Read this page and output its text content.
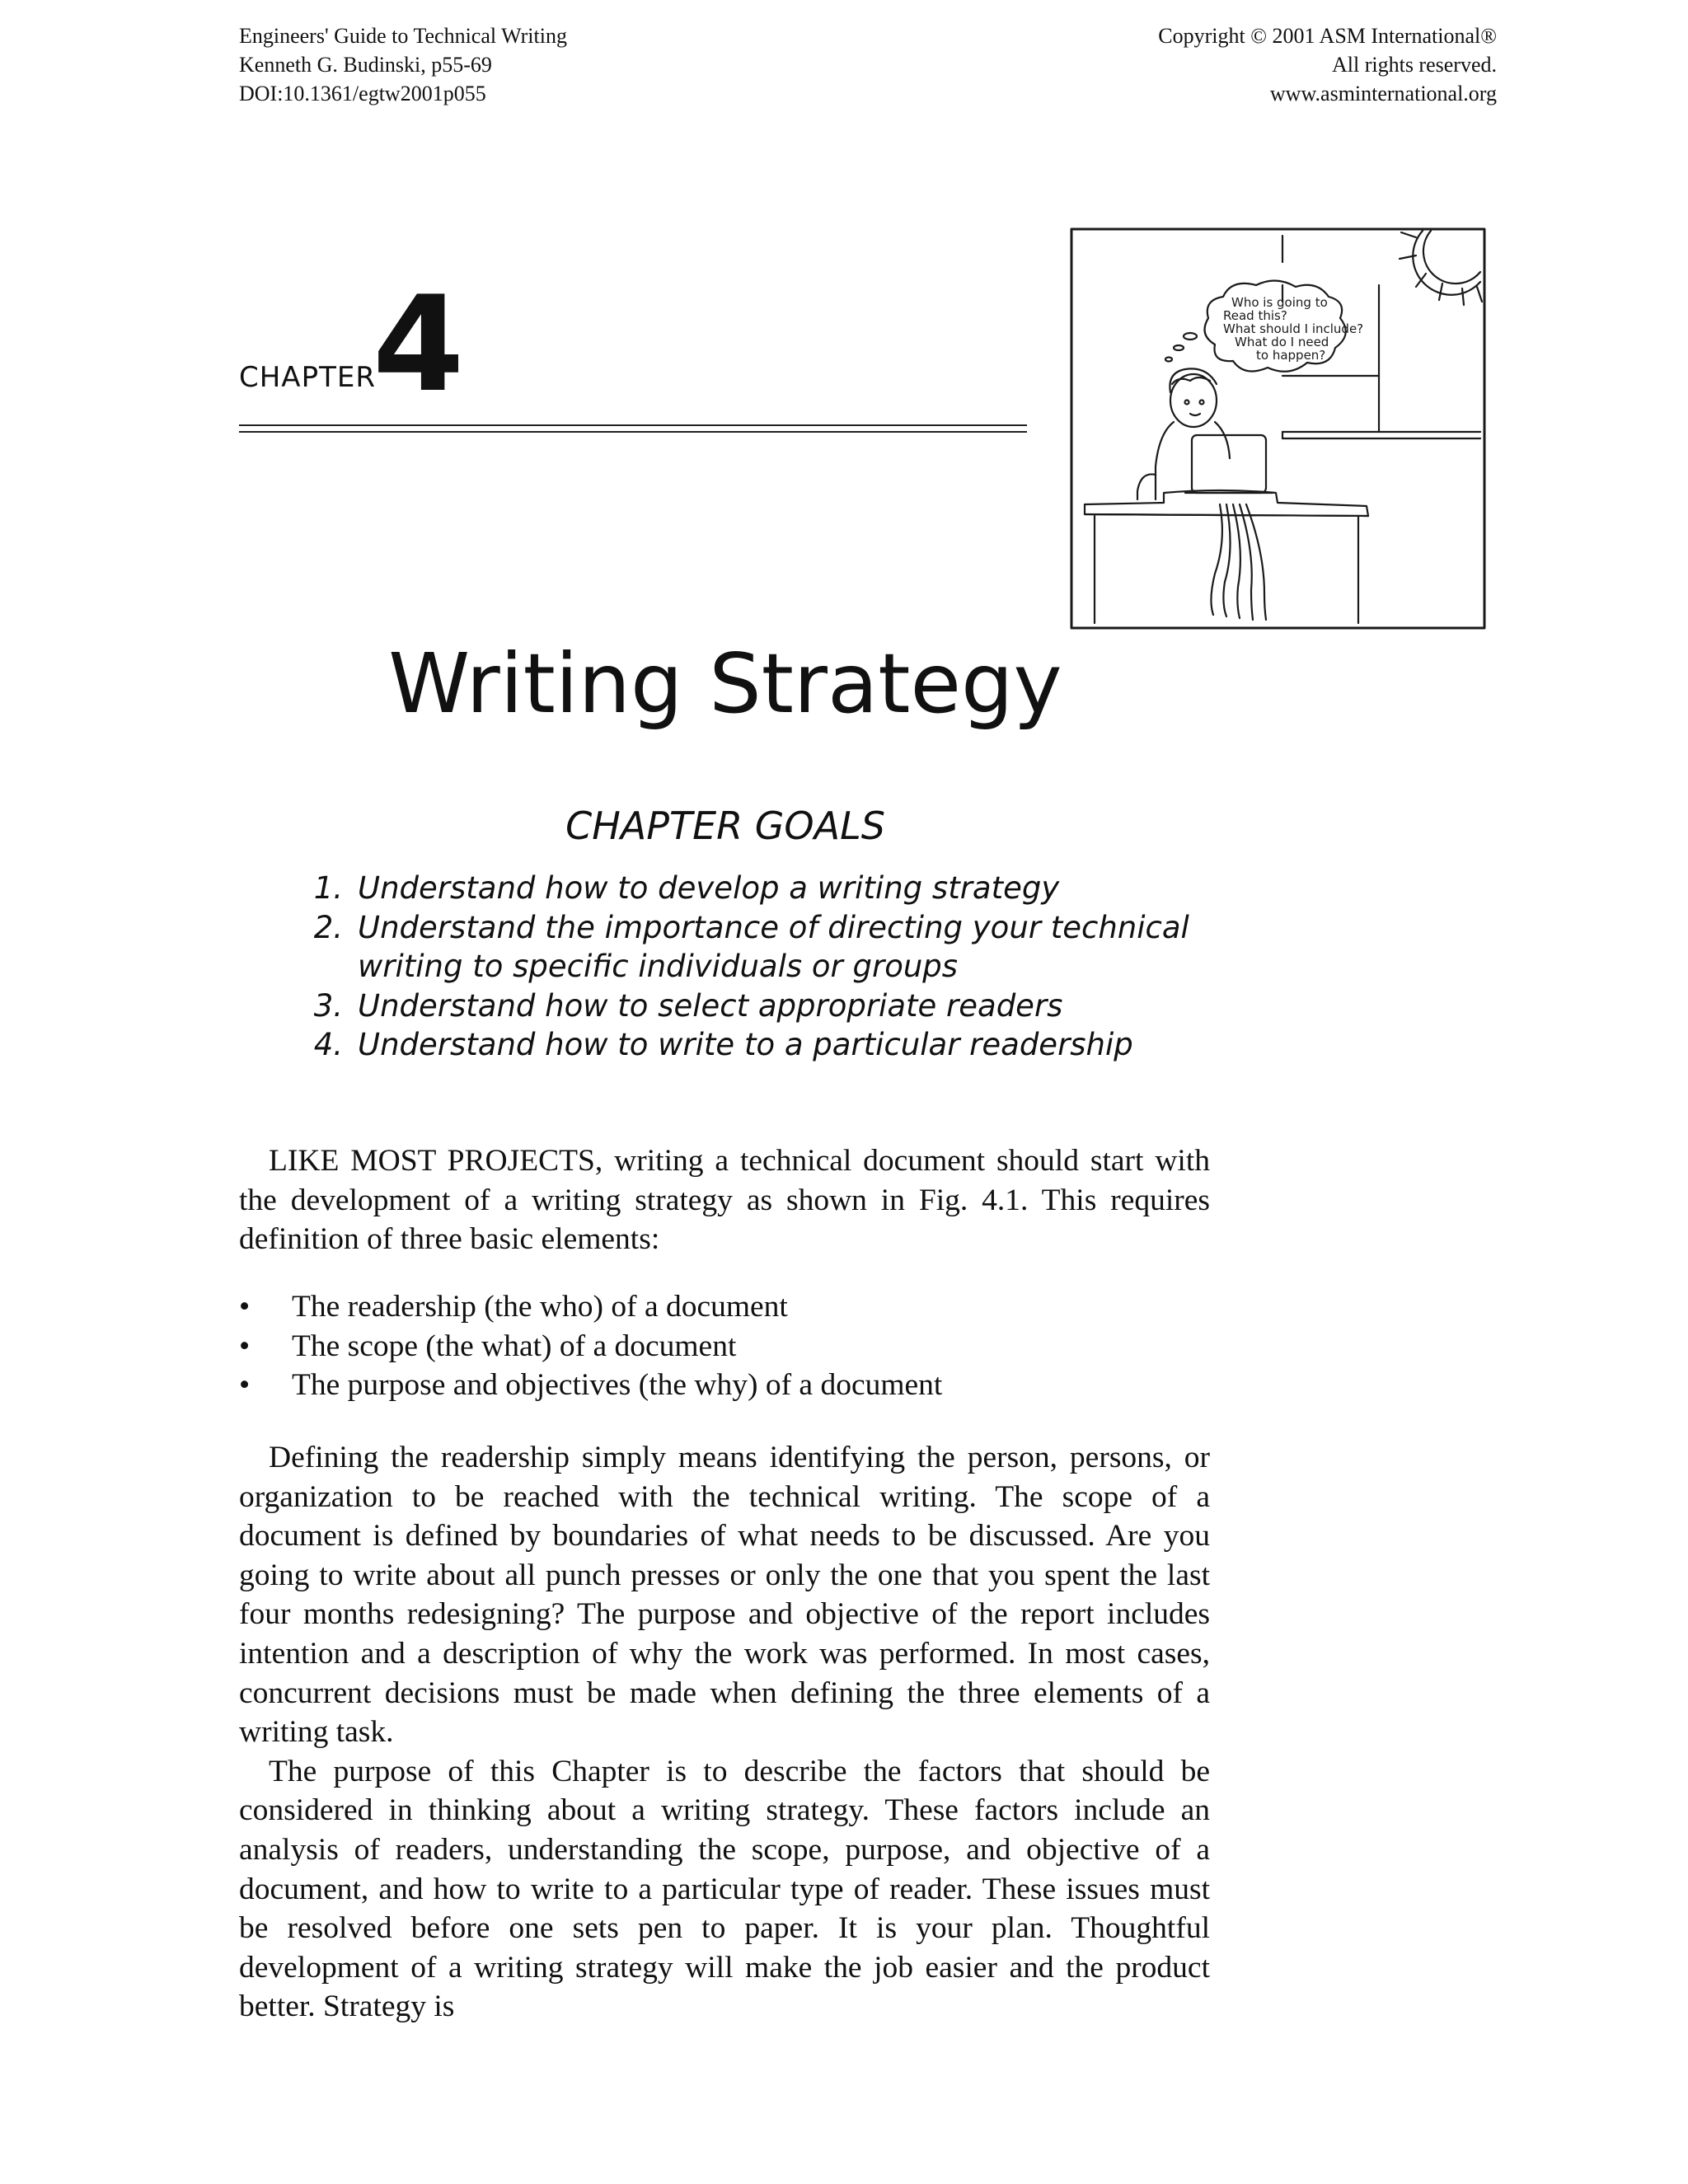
Engineers' Guide to Technical Writing
Kenneth G. Budinski, p55-69
DOI:10.1361/egtw2001p055
Copyright © 2001 ASM International®
All rights reserved.
www.asminternational.org
CHAPTER
4	Who is going to
Read this?
What should I include?
What do I need
to happen?
Writing Strategy
CHAPTER GOALS
1. Understand how to develop a writing strategy
2. Understand the importance of directing your technical
writing to specific individuals or groups
3. Understand how to select appropriate readers
4. Understand how to write to a particular readership

LIKE MOST PROJECTS, writing a technical document should start with the development of a writing strategy as shown in Fig. 4.1. This requires definition of three basic elements:

• The readership (the who) of a document
• The scope (the what) of a document
• The purpose and objectives (the why) of a document

Defining the readership simply means identifying the person, persons, or organization to be reached with the technical writing. The scope of a document is defined by boundaries of what needs to be discussed. Are you going to write about all punch presses or only the one that you spent the last four months redesigning? The purpose and objective of the report includes intention and a description of why the work was performed. In most cases, concurrent decisions must be made when defining the three elements of a writing task.

The purpose of this Chapter is to describe the factors that should be considered in thinking about a writing strategy. These factors include an analysis of readers, understanding the scope, purpose, and objective of a document, and how to write to a particular type of reader. These issues must be resolved before one sets pen to paper. It is your plan. Thoughtful development of a writing strategy will make the job easier and the product better. Strategy is
